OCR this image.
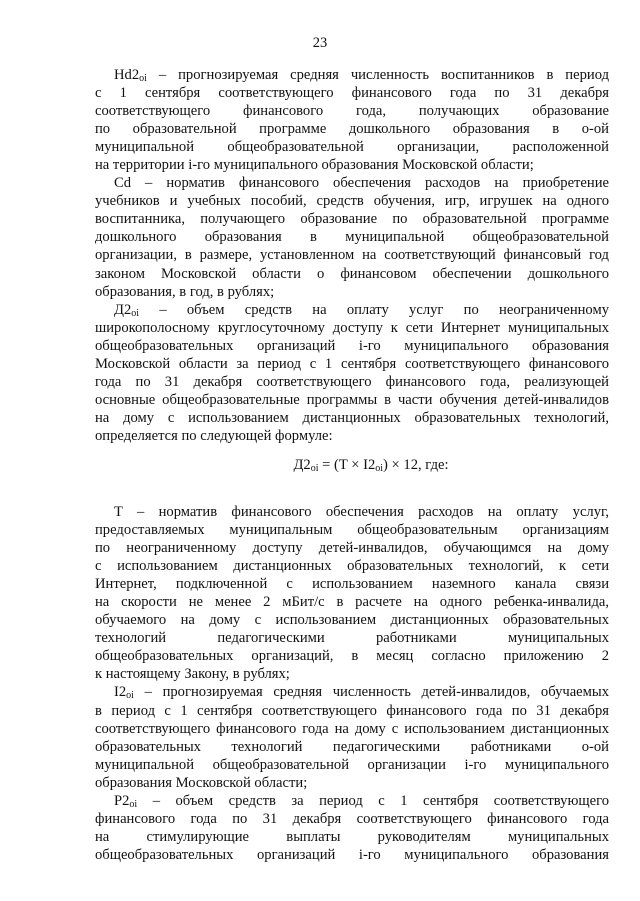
23
$Hd2_{oi}$ – прогнозируемая средняя численность воспитанников в период
с 1 сентября соответствующего финансового года по 31 декабря
соответствующего финансового года, получающих образование
по образовательной программе дошкольного образования в о-ой
муниципальной общеобразовательной организации, расположенной
на территории i-го муниципального образования Московской области;
Cd – норматив финансового обеспечения расходов на приобретение
учебников и учебных пособий, средств обучения, игр, игрушек на одного
воспитанника, получающего образование по образовательной программе
дошкольного образования в муниципальной общеобразовательной
организации, в размере, установленном на соответствующий финансовый год
законом Московской области о финансовом обеспечении дошкольного
образования, в год, в рублях;
$Д2_{oi}$ – объем средств на оплату услуг по неограниченному
широкополосному круглосуточному доступу к сети Интернет муниципальных
общеобразовательных организаций i-го муниципального образования
Московской области за период с 1 сентября соответствующего финансового
года по 31 декабря соответствующего финансового года, реализующей
основные общеобразовательные программы в части обучения детей-инвалидов
на дому с использованием дистанционных образовательных технологий,
определяется по следующей формуле:
$Д2_{oi} = (T \times I2_{oi}) \times 12$, где:
T – норматив финансового обеспечения расходов на оплату услуг,
предоставляемых муниципальным общеобразовательным организациям
по неограниченному доступу детей-инвалидов, обучающимся на дому
с использованием дистанционных образовательных технологий, к сети
Интернет, подключенной с использованием наземного канала связи
на скорости не менее 2 мБит/с в расчете на одного ребенка-инвалида,
обучаемого на дому с использованием дистанционных образовательных
технологий педагогическими работниками муниципальных
общеобразовательных организаций, в месяц согласно приложению 2
к настоящему Закону, в рублях;
$I2_{oi}$ – прогнозируемая средняя численность детей-инвалидов, обучаемых
в период с 1 сентября соответствующего финансового года по 31 декабря
соответствующего финансового года на дому с использованием дистанционных
образовательных технологий педагогическими работниками о-ой
муниципальной общеобразовательной организации i-го муниципального
образования Московской области;
$P2_{oi}$ – объем средств за период с 1 сентября соответствующего
финансового года по 31 декабря соответствующего финансового года
на стимулирующие выплаты руководителям муниципальных
общеобразовательных организаций i-го муниципального образования
